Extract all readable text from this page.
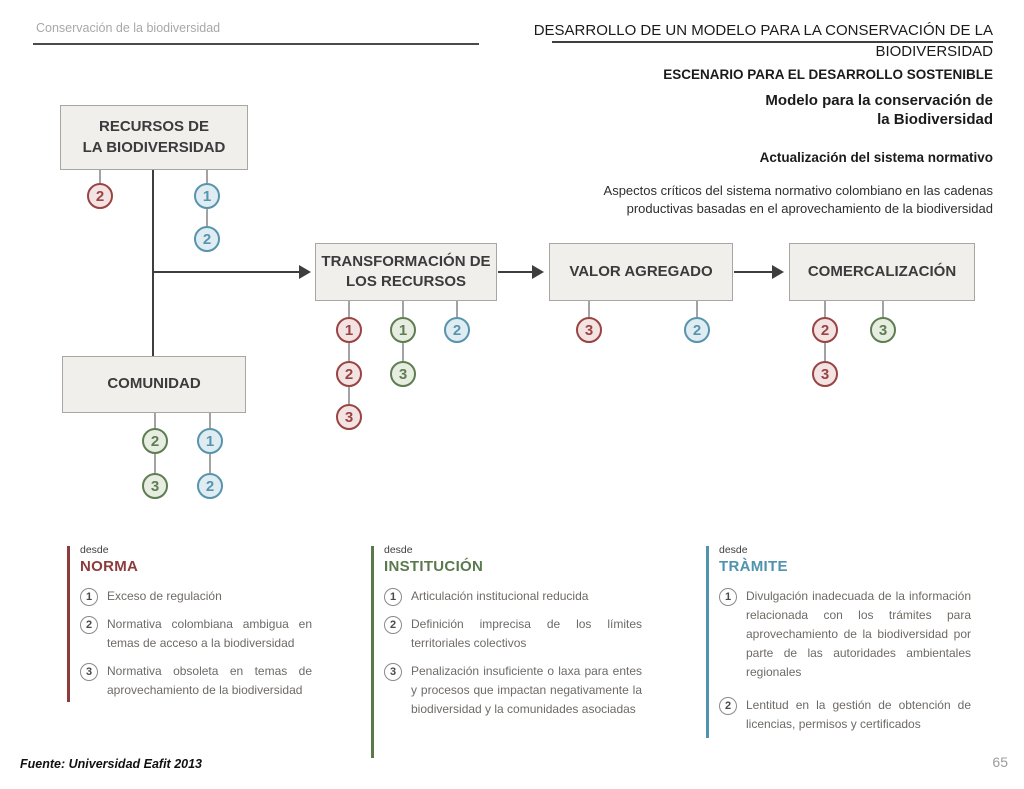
Conservación de la biodiversidad	DESARROLLO DE UN MODELO PARA LA CONSERVACIÓN DE LA
BIODIVERSIDAD
ESCENARIO PARA EL DESARROLLO SOSTENIBLE
Modelo para la conservación de
la Biodiversidad
Actualización del sistema normativo
Aspectos críticos del sistema normativo colombiano en las cadenas
productivas basadas en el aprovechamiento de la biodiversidad
RECURSOS DE
LA BIODIVERSIDAD
COMUNIDAD
TRANSFORMACIÓN DE
LOS RECURSOS
VALOR AGREGADO	COMERCALIZACIÓN
2	1
2
2	1
3	2
1	1	2
2	3
3
3	2	2	3
3
desde
NORMA
1	Exceso de regulación
2	Normativa colombiana ambigua en temas de acceso a la biodiversidad
3	Normativa obsoleta en temas de aprovechamiento de la biodiversidad
desde
INSTITUCIÓN
1	Articulación institucional reducida
2	Definición imprecisa de los límites territoriales colectivos
3	Penalización insuficiente o laxa para entes y procesos que impactan negativamente la biodiversidad y la comunidades asociadas
desde
TRÀMITE
1	Divulgación inadecuada de la información relacionada con los trámites para aprovechamiento de la biodiversidad por parte de las autoridades ambientales regionales
2	Lentitud en la gestión de obtención de licencias, permisos y certificados
Fuente: Universidad Eafit 2013	65
